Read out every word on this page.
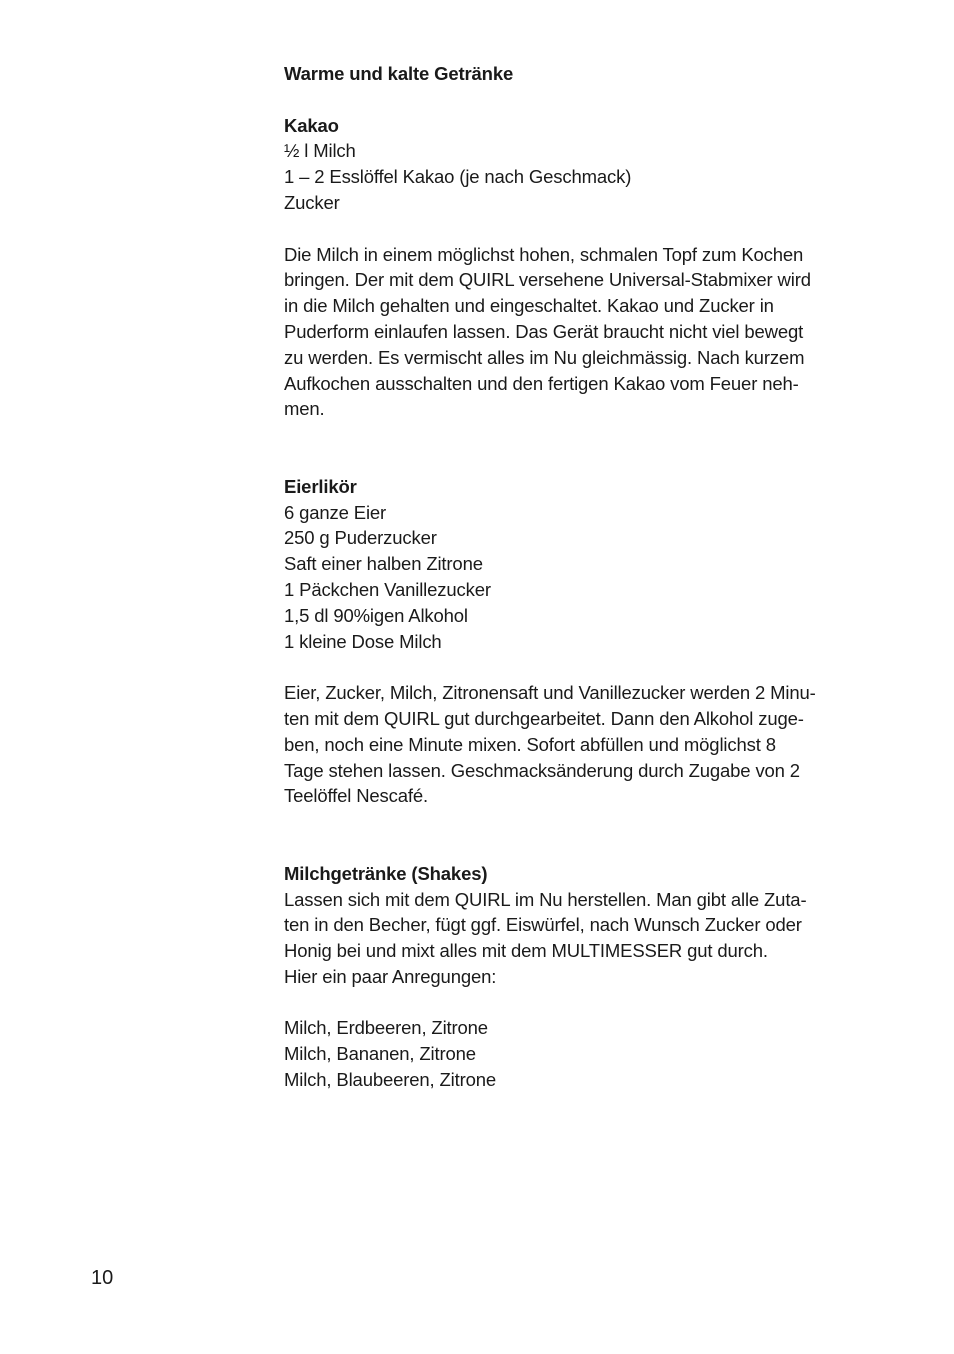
Warme und kalte Getränke
Kakao
½ l Milch
1 – 2 Esslöffel Kakao (je nach Geschmack)
Zucker
Die Milch in einem möglichst hohen, schmalen Topf zum Kochen
bringen. Der mit dem QUIRL versehene Universal-Stabmixer wird
in die Milch gehalten und eingeschaltet. Kakao und Zucker in
Puderform einlaufen lassen. Das Gerät braucht nicht viel bewegt
zu werden. Es vermischt alles im Nu gleichmässig. Nach kurzem
Aufkochen ausschalten und den fertigen Kakao vom Feuer neh-
men.
Eierlikör
6 ganze Eier
250 g Puderzucker
Saft einer halben Zitrone
1 Päckchen Vanillezucker
1,5 dl 90%igen Alkohol
1 kleine Dose Milch
Eier, Zucker, Milch, Zitronensaft und Vanillezucker werden 2 Minu-
ten mit dem QUIRL gut durchgearbeitet. Dann den Alkohol zuge-
ben, noch eine Minute mixen. Sofort abfüllen und möglichst 8
Tage stehen lassen. Geschmacksänderung durch Zugabe von 2
Teelöffel Nescafé.
Milchgetränke (Shakes)
Lassen sich mit dem QUIRL im Nu herstellen. Man gibt alle Zuta-
ten in den Becher, fügt ggf. Eiswürfel, nach Wunsch Zucker oder
Honig bei und mixt alles mit dem MULTIMESSER gut durch.
Hier ein paar Anregungen:
Milch, Erdbeeren, Zitrone
Milch, Bananen, Zitrone
Milch, Blaubeeren, Zitrone
10
